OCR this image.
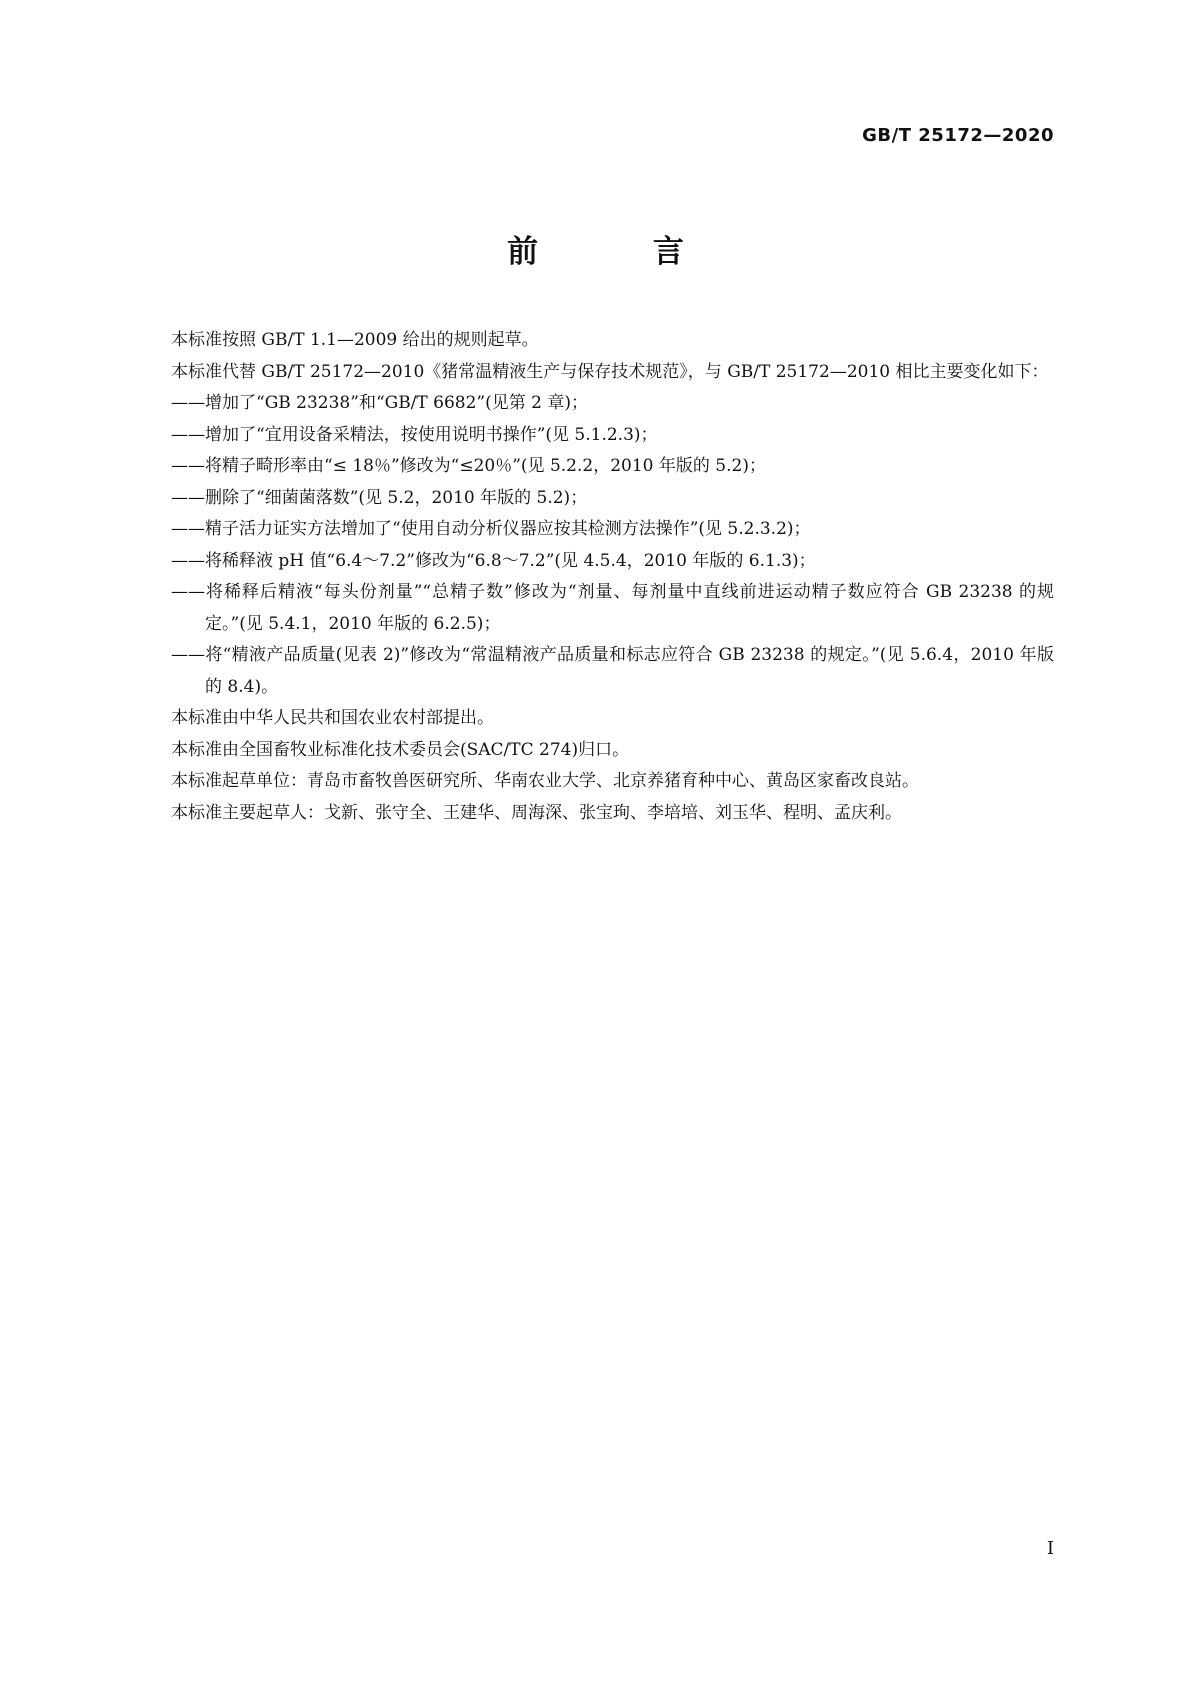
GB/T 25172—2020
前 言

本标准按照 GB/T 1.1—2009 给出的规则起草。

本标准代替 GB/T 25172—2010《猪常温精液生产与保存技术规范》，与 GB/T 25172—2010 相比主要变化如下：

——增加了“GB 23238”和“GB/T 6682”(见第 2 章)；

——增加了“宜用设备采精法，按使用说明书操作”(见 5.1.2.3)；

——将精子畸形率由“≤ 18％”修改为“≤20％”(见 5.2.2，2010 年版的 5.2)；

——删除了“细菌菌落数”(见 5.2，2010 年版的 5.2)；

——精子活力证实方法增加了“使用自动分析仪器应按其检测方法操作”(见 5.2.3.2)；

——将稀释液 pH 值“6.4～7.2”修改为“6.8～7.2”(见 4.5.4，2010 年版的 6.1.3)；

——将稀释后精液“每头份剂量”“总精子数”修改为“剂量、每剂量中直线前进运动精子数应符合 GB 23238 的规定。”(见 5.4.1，2010 年版的 6.2.5)；

——将“精液产品质量(见表 2)”修改为“常温精液产品质量和标志应符合 GB 23238 的规定。”(见 5.6.4，2010 年版的 8.4)。

本标准由中华人民共和国农业农村部提出。

本标准由全国畜牧业标准化技术委员会(SAC/TC 274)归口。

本标准起草单位：青岛市畜牧兽医研究所、华南农业大学、北京养猪育种中心、黄岛区家畜改良站。

本标准主要起草人：戈新、张守全、王建华、周海深、张宝珣、李培培、刘玉华、程明、孟庆利。

I
